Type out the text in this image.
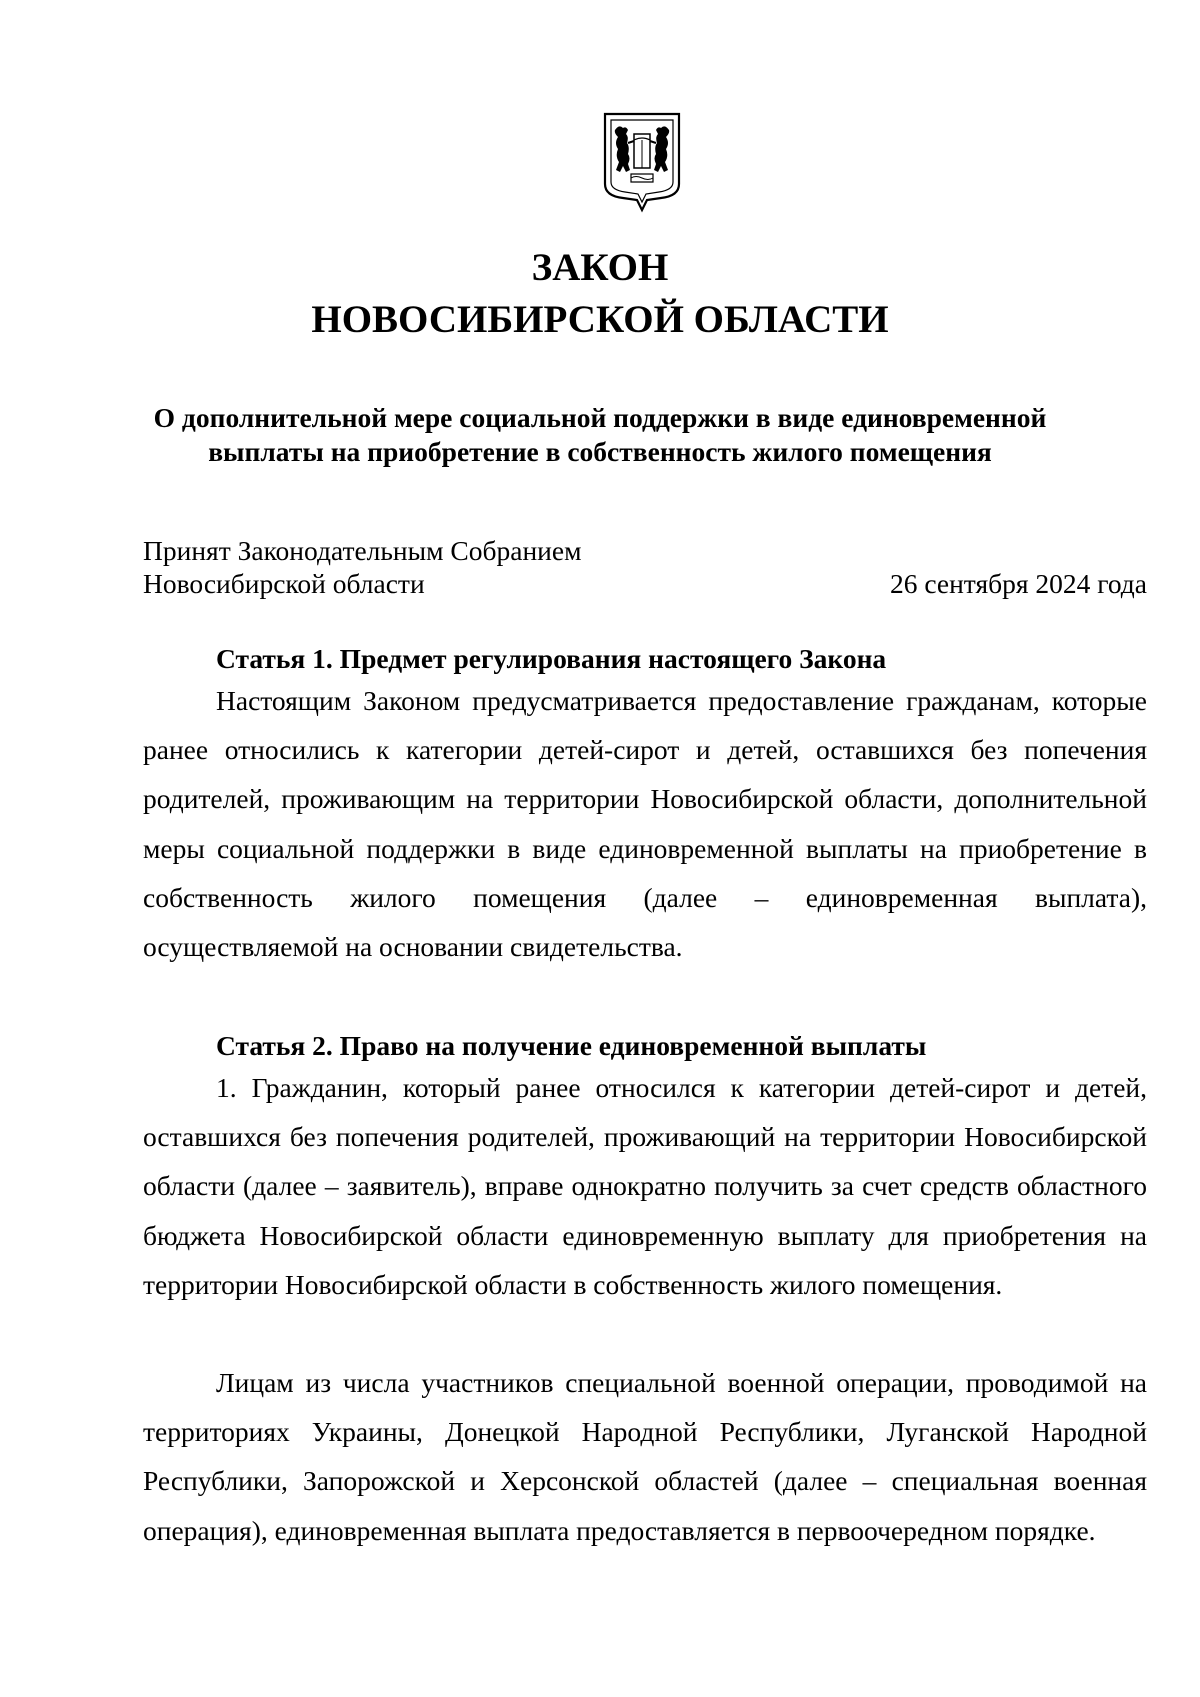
ЗАКОН
НОВОСИБИРСКОЙ ОБЛАСТИ
О дополнительной мере социальной поддержки в виде единовременной
выплаты на приобретение в собственность жилого помещения
Принят Законодательным Собранием
Новосибирской области	26 сентября 2024 года
Статья 1. Предмет регулирования настоящего Закона

Настоящим Законом предусматривается предоставление гражданам, которые ранее относились к категории детей-сирот и детей, оставшихся без попечения родителей, проживающим на территории Новосибирской области, дополнительной меры социальной поддержки в виде единовременной выплаты на приобретение в собственность жилого помещения (далее – единовременная выплата), осуществляемой на основании свидетельства.

Статья 2. Право на получение единовременной выплаты

1. Гражданин, который ранее относился к категории детей-сирот и детей, оставшихся без попечения родителей, проживающий на территории Новосибирской области (далее – заявитель), вправе однократно получить за счет средств областного бюджета Новосибирской области единовременную выплату для приобретения на территории Новосибирской области в собственность жилого помещения.

Лицам из числа участников специальной военной операции, проводимой на территориях Украины, Донецкой Народной Республики, Луганской Народной Республики, Запорожской и Херсонской областей (далее – специальная военная операция), единовременная выплата предоставляется в первоочередном порядке.
